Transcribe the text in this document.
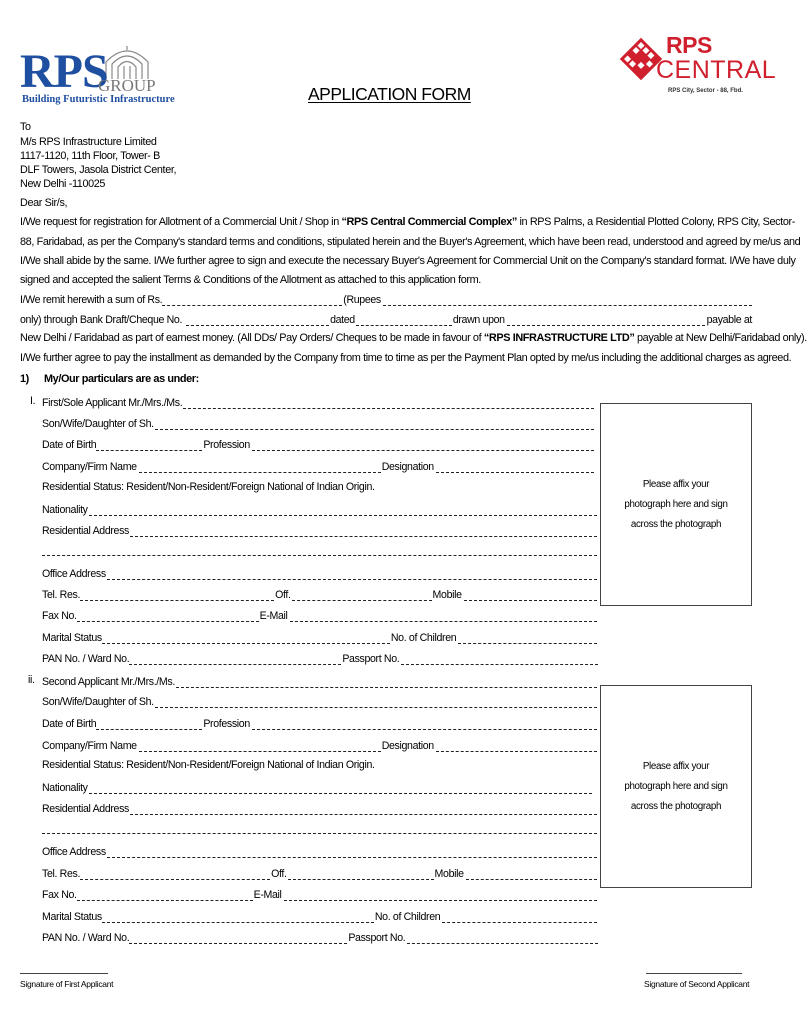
RPS
GROUP
Building Futuristic Infrastructure	APPLICATION FORM
RPS
CENTRAL
RPS City, Sector - 88, Fbd.
To
M/s RPS Infrastructure Limited
1117-1120, 11th Floor, Tower- B
DLF Towers, Jasola District Center,
New Delhi -110025
Dear Sir/s,
I/We request for registration for Allotment of a Commercial Unit / Shop in “RPS Central Commercial Complex” in RPS Palms, a Residential Plotted Colony, RPS City, Sector-
88, Faridabad, as per the Company's standard terms and conditions, stipulated herein and the Buyer's Agreement, which have been read, understood and agreed by me/us and
I/We shall abide by the same. I/We further agree to sign and execute the necessary Buyer's Agreement for Commercial Unit on the Company's standard format. I/We have duly
signed and accepted the salient Terms & Conditions of the Allotment as attached to this application form.
I/We remit herewith a sum of Rs.	(Rupees
only) through Bank Draft/Cheque No.	dated	drawn upon	payable at
New Delhi / Faridabad as part of earnest money. (All DDs/ Pay Orders/ Cheques to be made in favour of “RPS INFRASTRUCTURE LTD” payable at New Delhi/Faridabad only).
I/We further agree to pay the installment as demanded by the Company from time to time as per the Payment Plan opted by me/us including the additional charges as agreed.
1) My/Our particulars are as under:
I. First/Sole Applicant Mr./Mrs./Ms.
Son/Wife/Daughter of Sh.
Date of Birth	Profession
Company/Firm Name	Designation
Residential Status: Resident/Non-Resident/Foreign National of Indian Origin.
Nationality
Residential Address
Office Address
Tel. Res.	Off.	Mobile
Fax No.	E-Mail
Marital Status	No. of Children
PAN No. / Ward No.	Passport No.
Please affix your
photograph here and sign
across the photograph
ii. Second Applicant Mr./Mrs./Ms.
Son/Wife/Daughter of Sh.
Date of Birth	Profession
Company/Firm Name	Designation
Residential Status: Resident/Non-Resident/Foreign National of Indian Origin.
Nationality
Residential Address
Office Address
Tel. Res.	Off.	Mobile
Fax No.	E-Mail
Marital Status	No. of Children
PAN No. / Ward No.	Passport No.
Please affix your
photograph here and sign
across the photograph
Signature of First Applicant	Signature of Second Applicant
